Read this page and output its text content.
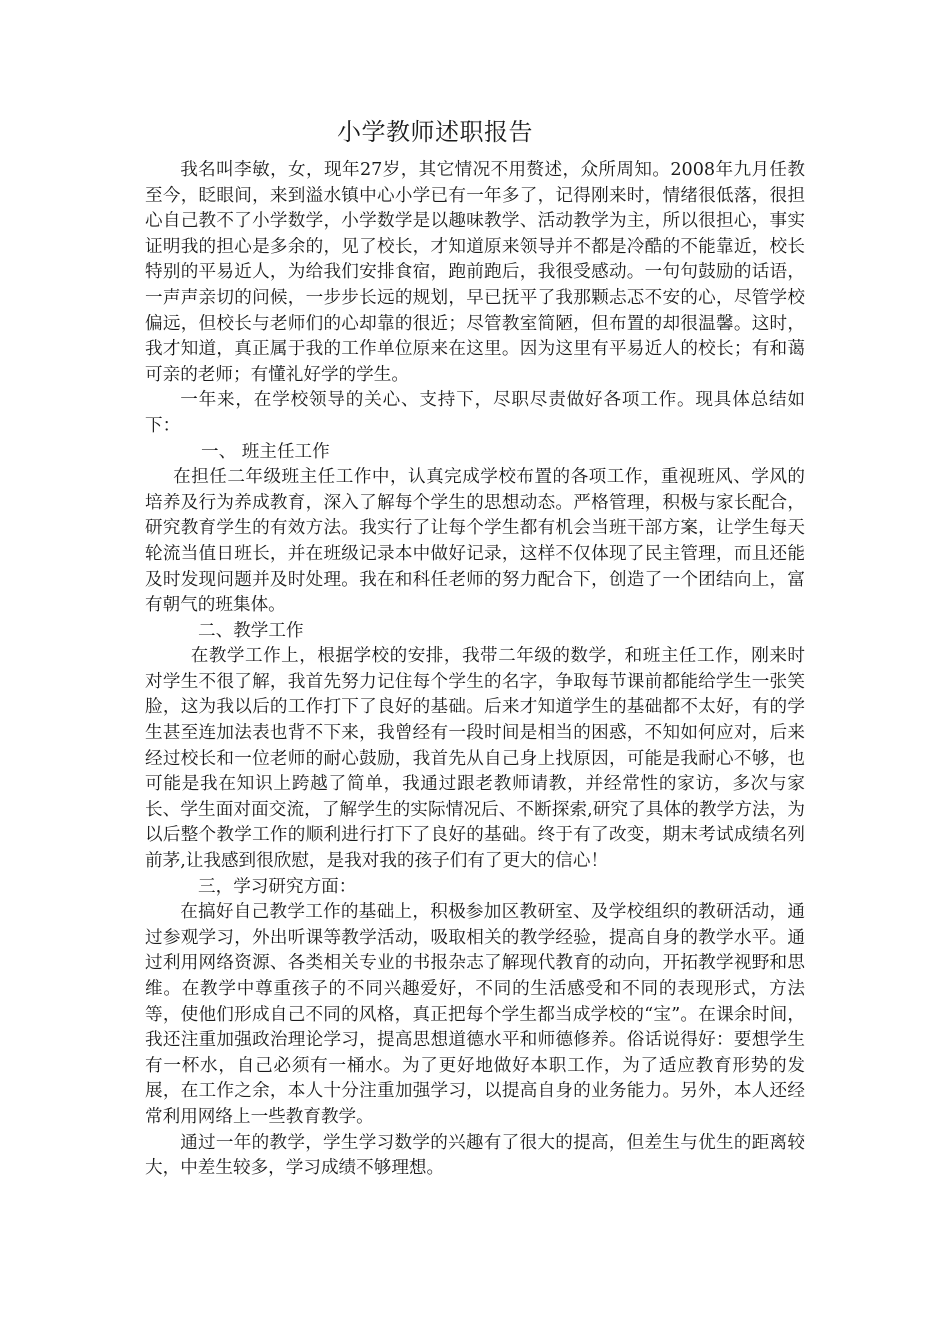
小学教师述职报告

我名叫李敏，女，现年27岁，其它情况不用赘述，众所周知。2008年九月任教至今，眨眼间，来到溢水镇中心小学已有一年多了，记得刚来时，情绪很低落，很担心自己教不了小学数学，小学数学是以趣味教学、活动教学为主，所以很担心，事实证明我的担心是多余的，见了校长，才知道原来领导并不都是冷酷的不能靠近，校长特别的平易近人，为给我们安排食宿，跑前跑后，我很受感动。一句句鼓励的话语，一声声亲切的问候，一步步长远的规划，早已抚平了我那颗忐忑不安的心，尽管学校偏远，但校长与老师们的心却靠的很近；尽管教室简陋，但布置的却很温馨。这时，我才知道，真正属于我的工作单位原来在这里。因为这里有平易近人的校长；有和蔼可亲的老师；有懂礼好学的学生。

一年来，在学校领导的关心、支持下，尽职尽责做好各项工作。现具体总结如下：

一、 班主任工作

在担任二年级班主任工作中，认真完成学校布置的各项工作，重视班风、学风的培养及行为养成教育，深入了解每个学生的思想动态。严格管理，积极与家长配合，研究教育学生的有效方法。我实行了让每个学生都有机会当班干部方案，让学生每天轮流当值日班长，并在班级记录本中做好记录，这样不仅体现了民主管理，而且还能及时发现问题并及时处理。我在和科任老师的努力配合下，创造了一个团结向上，富有朝气的班集体。

二、教学工作

在教学工作上，根据学校的安排，我带二年级的数学，和班主任工作，刚来时对学生不很了解，我首先努力记住每个学生的名字，争取每节课前都能给学生一张笑脸，这为我以后的工作打下了良好的基础。后来才知道学生的基础都不太好，有的学生甚至连加法表也背不下来，我曾经有一段时间是相当的困惑，不知如何应对，后来经过校长和一位老师的耐心鼓励，我首先从自己身上找原因，可能是我耐心不够，也可能是我在知识上跨越了简单，我通过跟老教师请教，并经常性的家访，多次与家长、学生面对面交流，了解学生的实际情况后、不断探索,研究了具体的教学方法，为以后整个教学工作的顺利进行打下了良好的基础。终于有了改变，期末考试成绩名列前茅,让我感到很欣慰，是我对我的孩子们有了更大的信心！

三，学习研究方面：

在搞好自己教学工作的基础上，积极参加区教研室、及学校组织的教研活动，通过参观学习，外出听课等教学活动，吸取相关的教学经验，提高自身的教学水平。通过利用网络资源、各类相关专业的书报杂志了解现代教育的动向，开拓教学视野和思维。在教学中尊重孩子的不同兴趣爱好，不同的生活感受和不同的表现形式，方法等，使他们形成自己不同的风格，真正把每个学生都当成学校的“宝”。在课余时间，我还注重加强政治理论学习，提高思想道德水平和师德修养。俗话说得好：要想学生有一杯水，自己必须有一桶水。为了更好地做好本职工作，为了适应教育形势的发展，在工作之余，本人十分注重加强学习，以提高自身的业务能力。另外，本人还经常利用网络上一些教育教学。

通过一年的教学，学生学习数学的兴趣有了很大的提高，但差生与优生的距离较大，中差生较多，学习成绩不够理想。
